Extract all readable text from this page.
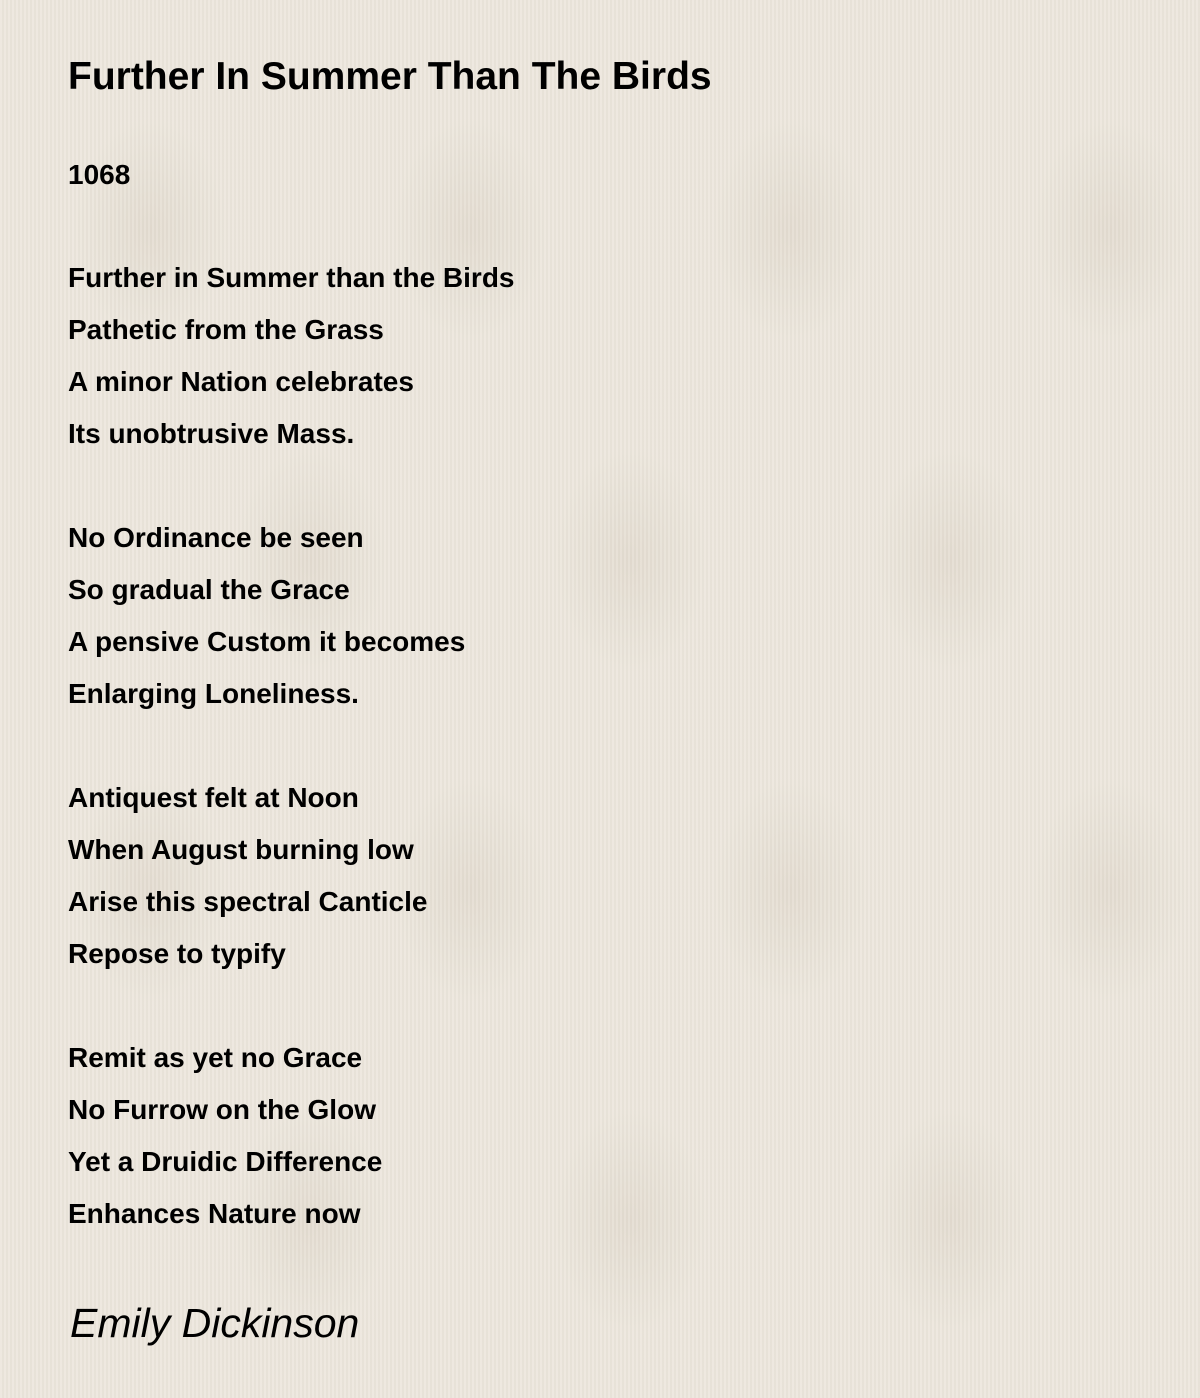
Further In Summer Than The Birds
1068
Further in Summer than the Birds
Pathetic from the Grass
A minor Nation celebrates
Its unobtrusive Mass.
No Ordinance be seen
So gradual the Grace
A pensive Custom it becomes
Enlarging Loneliness.
Antiquest felt at Noon
When August burning low
Arise this spectral Canticle
Repose to typify
Remit as yet no Grace
No Furrow on the Glow
Yet a Druidic Difference
Enhances Nature now
Emily Dickinson
